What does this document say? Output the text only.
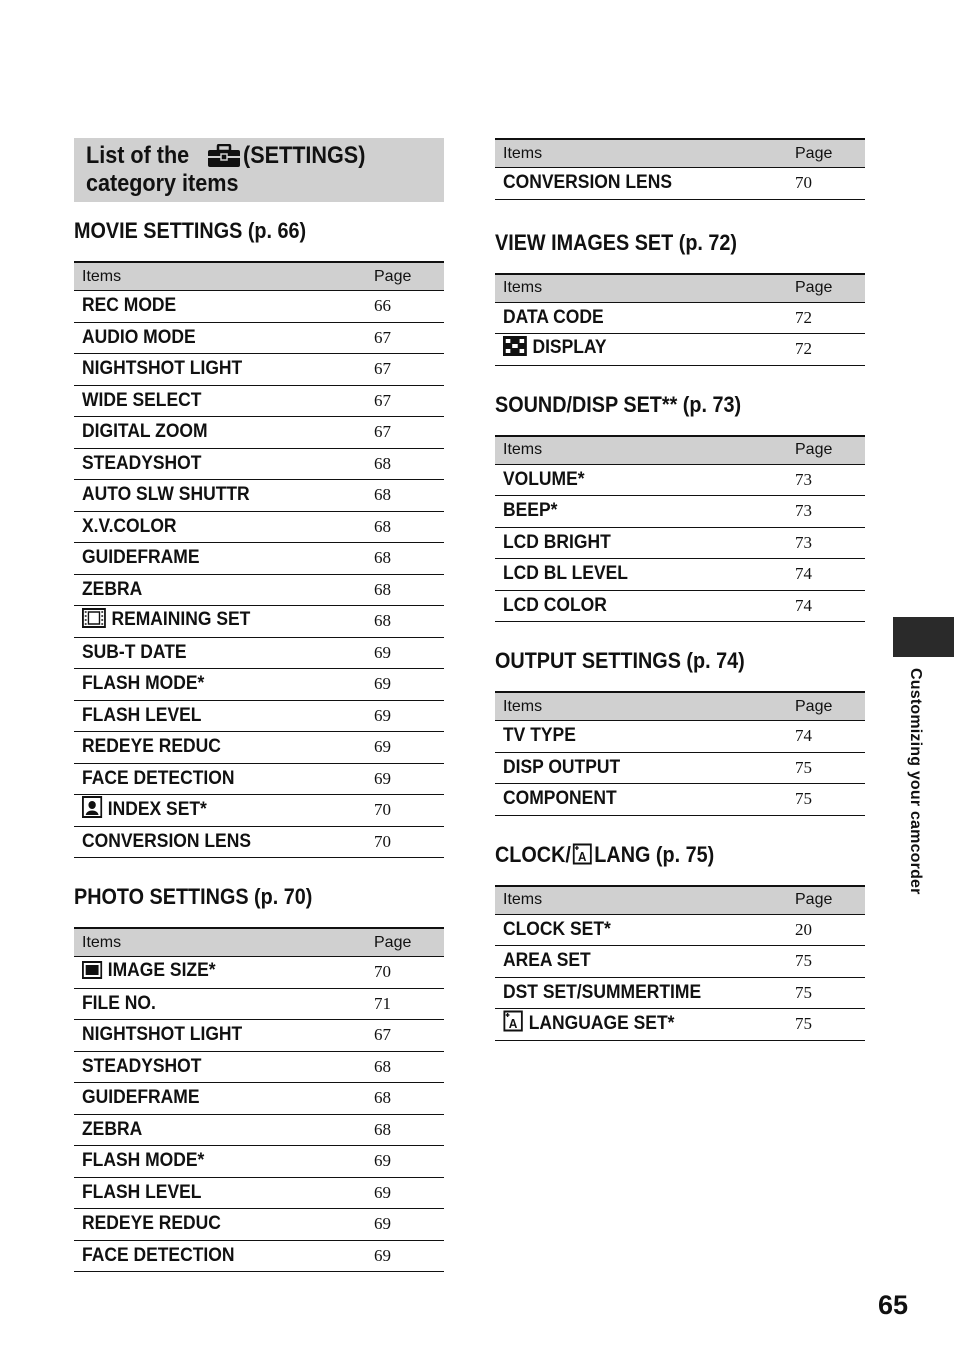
List of the (SETTINGS)
category items
MOVIE SETTINGS (p. 66)
Items	Page
REC MODE	66
AUDIO MODE	67
NIGHTSHOT LIGHT	67
WIDE SELECT	67
DIGITAL ZOOM	67
STEADYSHOT	68
AUTO SLW SHUTTR	68
X.V.COLOR	68
GUIDEFRAME	68
ZEBRA	68
REMAINING SET	68
SUB-T DATE	69
FLASH MODE*	69
FLASH LEVEL	69
REDEYE REDUC	69
FACE DETECTION	69
INDEX SET*	70
CONVERSION LENS	70
PHOTO SETTINGS (p. 70)
Items	Page
IMAGE SIZE*	70
FILE NO.	71
NIGHTSHOT LIGHT	67
STEADYSHOT	68
GUIDEFRAME	68
ZEBRA	68
FLASH MODE*	69
FLASH LEVEL	69
REDEYE REDUC	69
FACE DETECTION	69
Items	Page
CONVERSION LENS	70
VIEW IMAGES SET (p. 72)
Items	Page
DATA CODE	72
DISPLAY	72
SOUND/DISP SET** (p. 73)
Items	Page
VOLUME*	73
BEEP*	73
LCD BRIGHT	73
LCD BL LEVEL	74
LCD COLOR	74
OUTPUT SETTINGS (p. 74)
Items	Page
TV TYPE	74
DISP OUTPUT	75
COMPONENT	75
CLOCK/ A LANG (p. 75)
Items	Page
CLOCK SET*	20
AREA SET	75
DST SET/SUMMERTIME	75

A LANGUAGE SET*	75
Customizing your camcorder
65
